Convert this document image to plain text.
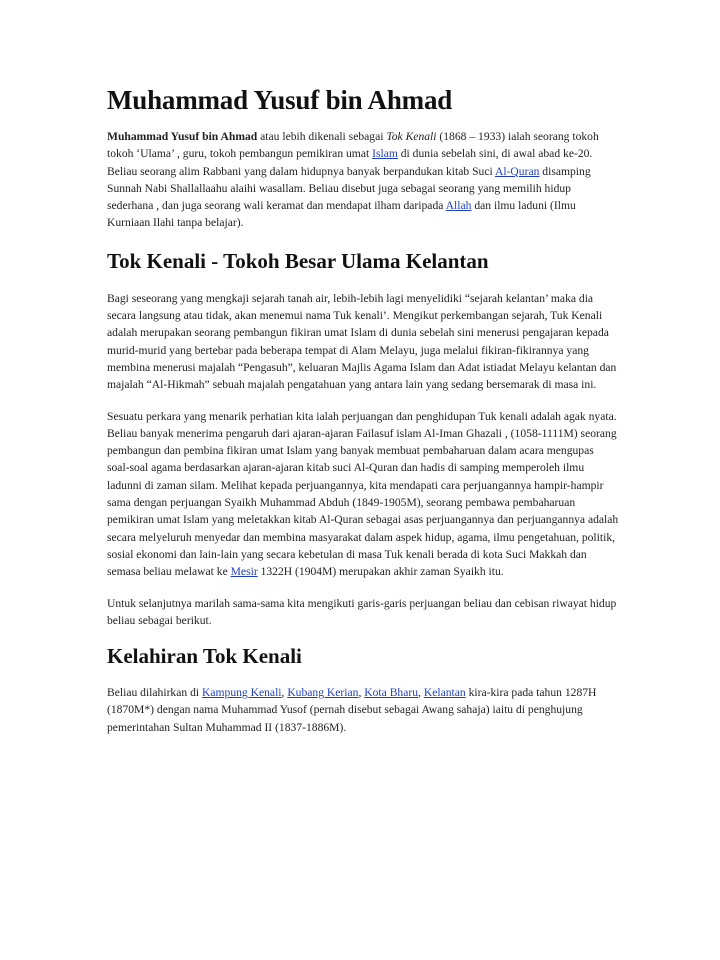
Muhammad Yusuf bin Ahmad

Muhammad Yusuf bin Ahmad atau lebih dikenali sebagai Tok Kenali (1868 – 1933) ialah seorang tokoh tokoh ‘Ulama’ , guru, tokoh pembangun pemikiran umat Islam di dunia sebelah sini, di awal abad ke-20. Beliau seorang alim Rabbani yang dalam hidupnya banyak berpandukan kitab Suci Al-Quran disamping Sunnah Nabi Shallallaahu alaihi wasallam. Beliau disebut juga sebagai seorang yang memilih hidup sederhana , dan juga seorang wali keramat dan mendapat ilham daripada Allah dan ilmu laduni (Ilmu Kurniaan Ilahi tanpa belajar).

Tok Kenali - Tokoh Besar Ulama Kelantan

Bagi seseorang yang mengkaji sejarah tanah air, lebih-lebih lagi menyelidiki “sejarah kelantan’ maka dia secara langsung atau tidak, akan menemui nama Tuk kenali’. Mengikut perkembangan sejarah, Tuk Kenali adalah merupakan seorang pembangun fikiran umat Islam di dunia sebelah sini menerusi pengajaran kepada murid-murid yang bertebar pada beberapa tempat di Alam Melayu, juga melalui fikiran-fikirannya yang membina menerusi majalah “Pengasuh”, keluaran Majlis Agama Islam dan Adat istiadat Melayu kelantan dan majalah “Al-Hikmah” sebuah majalah pengatahuan yang antara lain yang sedang bersemarak di masa ini.

Sesuatu perkara yang menarik perhatian kita ialah perjuangan dan penghidupan Tuk kenali adalah agak nyata. Beliau banyak menerima pengaruh dari ajaran-ajaran Failasuf islam Al-Iman Ghazali , (1058-1111M) seorang pembangun dan pembina fikiran umat Islam yang banyak membuat pembaharuan dalam acara mengupas soal-soal agama berdasarkan ajaran-ajaran kitab suci Al-Quran dan hadis di samping memperoleh ilmu ladunni di zaman silam. Melihat kepada perjuangannya, kita mendapati cara perjuangannya hampir-hampir sama dengan perjuangan Syaikh Muhammad Abduh (1849-1905M), seorang pembawa pembaharuan pemikiran umat Islam yang meletakkan kitab Al-Quran sebagai asas perjuangannya dan perjuangannya adalah secara melyeluruh menyedar dan membina masyarakat dalam aspek hidup, agama, ilmu pengetahuan, politik, sosial ekonomi dan lain-lain yang secara kebetulan di masa Tuk kenali berada di kota Suci Makkah dan semasa beliau melawat ke Mesir 1322H (1904M) merupakan akhir zaman Syaikh itu.

Untuk selanjutnya marilah sama-sama kita mengikuti garis-garis perjuangan beliau dan cebisan riwayat hidup beliau sebagai berikut.

Kelahiran Tok Kenali

Beliau dilahirkan di Kampung Kenali, Kubang Kerian, Kota Bharu, Kelantan kira-kira pada tahun 1287H (1870M*) dengan nama Muhammad Yusof (pernah disebut sebagai Awang sahaja) iaitu di penghujung pemerintahan Sultan Muhammad II (1837-1886M).
